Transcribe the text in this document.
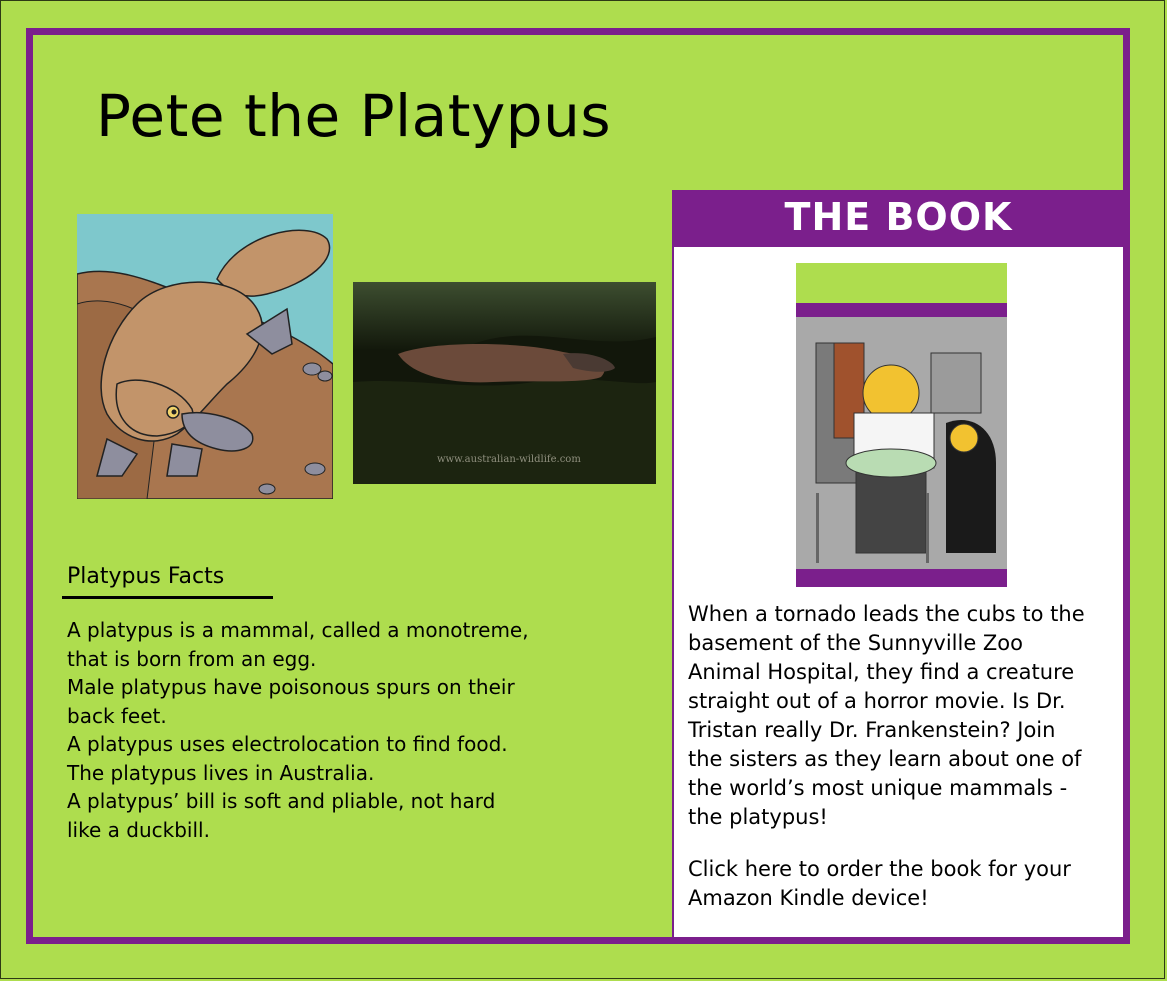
Pete the Platypus
www.australian-wildlife.com
Platypus Facts
A platypus is a mammal, called a monotreme,
that is born from an egg.
Male platypus have poisonous spurs on their
back feet.
A platypus uses electrolocation to find food.
The platypus lives in Australia.
A platypus’ bill is soft and pliable, not hard
like a duckbill.
THE BOOK
When a tornado leads the cubs to the
basement of the Sunnyville Zoo
Animal Hospital, they find a creature
straight out of a horror movie. Is Dr.
Tristan really Dr. Frankenstein? Join
the sisters as they learn about one of
the world’s most unique mammals -
the platypus!
Click here to order the book for your
Amazon Kindle device!
